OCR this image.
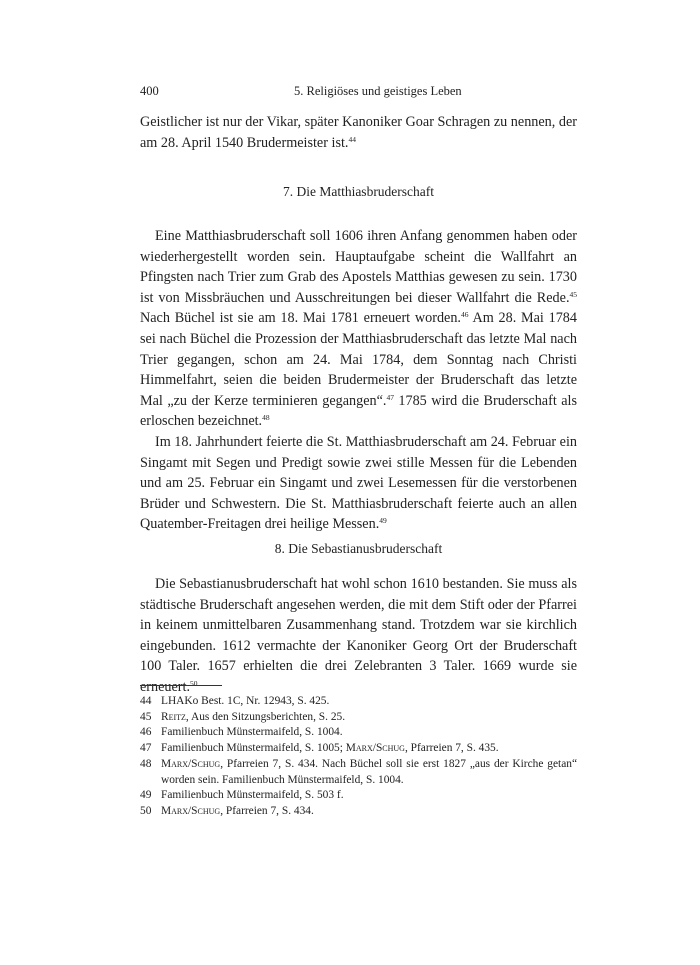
400	5. Religiöses und geistiges Leben

Geistlicher ist nur der Vikar, später Kanoniker Goar Schragen zu nennen, der am 28. April 1540 Brudermeister ist.$^{44}$

7. Die Matthiasbruderschaft

Eine Matthiasbruderschaft soll 1606 ihren Anfang genommen haben oder wiederhergestellt worden sein. Hauptaufgabe scheint die Wallfahrt an Pfingsten nach Trier zum Grab des Apostels Matthias gewesen zu sein. 1730 ist von Missbräuchen und Ausschreitungen bei dieser Wallfahrt die Rede.$^{45}$ Nach Büchel ist sie am 18. Mai 1781 erneuert worden.$^{46}$ Am 28. Mai 1784 sei nach Büchel die Prozession der Matthiasbruderschaft das letzte Mal nach Trier gegangen, schon am 24. Mai 1784, dem Sonntag nach Christi Himmelfahrt, seien die beiden Brudermeister der Bruderschaft das letzte Mal „zu der Kerze terminieren gegangen“.$^{47}$ 1785 wird die Bruderschaft als erloschen bezeichnet.$^{48}$

Im 18. Jahrhundert feierte die St. Matthiasbruderschaft am 24. Februar ein Singamt mit Segen und Predigt sowie zwei stille Messen für die Lebenden und am 25. Februar ein Singamt und zwei Lesemessen für die verstorbenen Brüder und Schwestern. Die St. Matthiasbruderschaft feierte auch an allen Quatember-Freitagen drei heilige Messen.$^{49}$

8. Die Sebastianusbruderschaft

Die Sebastianusbruderschaft hat wohl schon 1610 bestanden. Sie muss als städtische Bruderschaft angesehen werden, die mit dem Stift oder der Pfarrei in keinem unmittelbaren Zusammenhang stand. Trotzdem war sie kirchlich eingebunden. 1612 vermachte der Kanoniker Georg Ort der Bruderschaft 100 Taler. 1657 erhielten die drei Zelebranten 3 Taler. 1669 wurde sie erneuert.$^{50}$

44 LHAKo Best. 1C, Nr. 12943, S. 425.
45 Reitz, Aus den Sitzungsberichten, S. 25.
46 Familienbuch Münstermaifeld, S. 1004.
47 Familienbuch Münstermaifeld, S. 1005; Marx/Schug, Pfarreien 7, S. 435.
48 Marx/Schug, Pfarreien 7, S. 434. Nach Büchel soll sie erst 1827 „aus der Kirche getan“ worden sein. Familienbuch Münstermaifeld, S. 1004.
49 Familienbuch Münstermaifeld, S. 503 f.
50 Marx/Schug, Pfarreien 7, S. 434.
